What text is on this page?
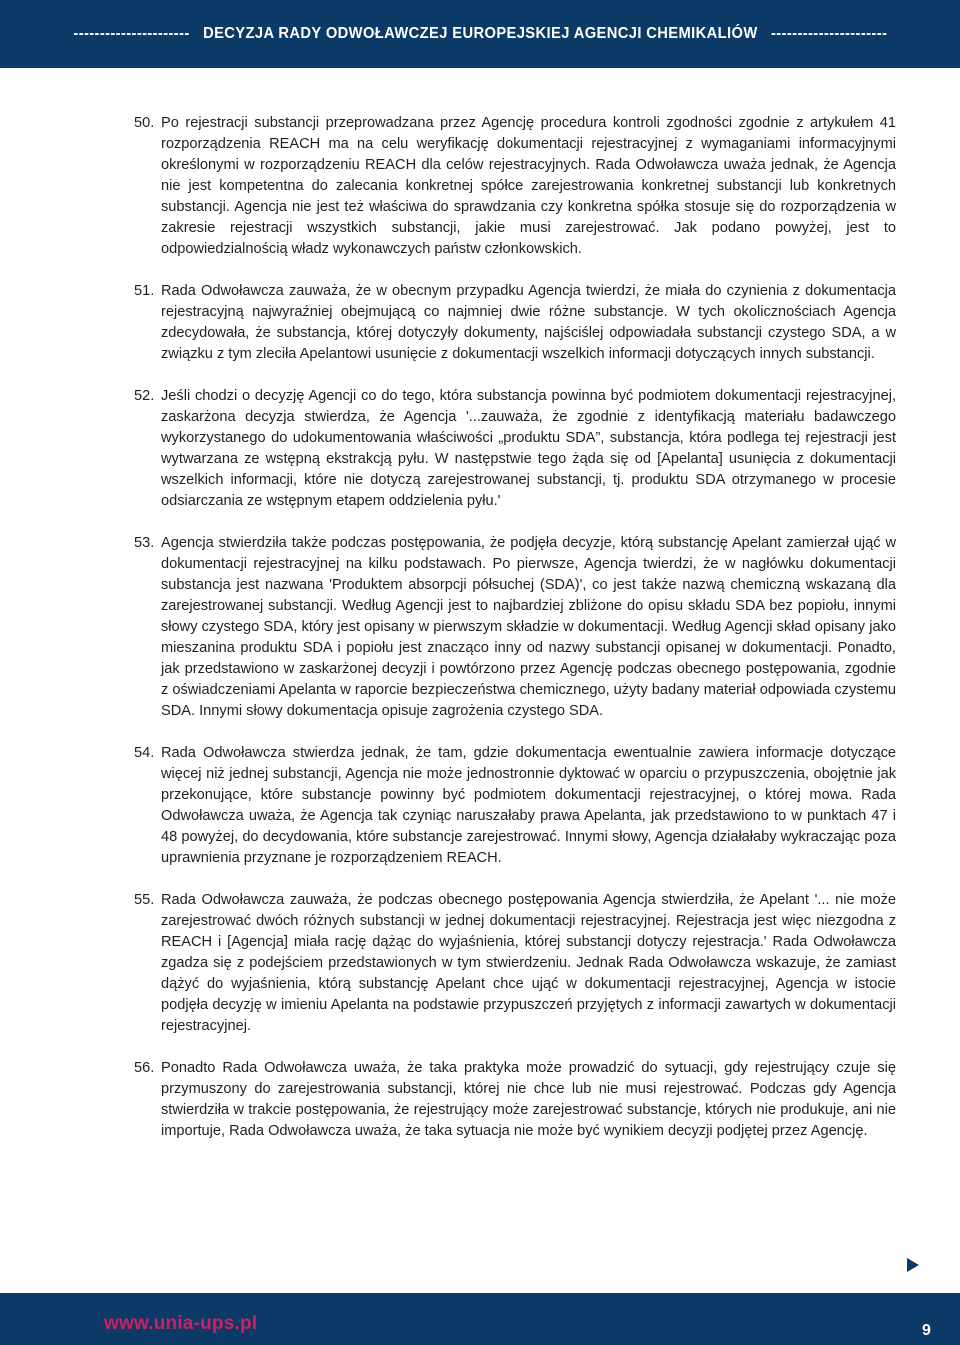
----------------------   DECYZJA RADY ODWOŁAWCZEJ EUROPEJSKIEJ AGENCJI CHEMIKALIÓW   ----------------------
50. Po rejestracji substancji przeprowadzana przez Agencję procedura kontroli zgodności zgodnie z artykułem 41 rozporządzenia REACH ma na celu weryfikację dokumentacji rejestracyjnej z wymaganiami informacyjnymi określonymi w rozporządzeniu REACH dla celów rejestracyjnych. Rada Odwoławcza uważa jednak, że Agencja nie jest kompetentna do zalecania konkretnej spółce zarejestrowania konkretnej substancji lub konkretnych substancji. Agencja nie jest też właściwa do sprawdzania czy konkretna spółka stosuje się do rozporządzenia w zakresie rejestracji wszystkich substancji, jakie musi zarejestrować. Jak podano powyżej, jest to odpowiedzialnością władz wykonawczych państw członkowskich.
51. Rada Odwoławcza zauważa, że w obecnym przypadku Agencja twierdzi, że miała do czynienia z dokumentacja rejestracyjną najwyraźniej obejmującą co najmniej dwie różne substancje. W tych okolicznościach Agencja zdecydowała, że substancja, której dotyczyły dokumenty, najściślej odpowiadała substancji czystego SDA, a w związku z tym zleciła Apelantowi usunięcie z dokumentacji wszelkich informacji dotyczących innych substancji.
52. Jeśli chodzi o decyzję Agencji co do tego, która substancja powinna być podmiotem dokumentacji rejestracyjnej, zaskarżona decyzja stwierdza, że Agencja '...zauważa, że zgodnie z identyfikacją materiału badawczego wykorzystanego do udokumentowania właściwości „produktu SDA”, substancja, która podlega tej rejestracji jest wytwarzana ze wstępną ekstrakcją pyłu. W następstwie tego żąda się od [Apelanta] usunięcia z dokumentacji wszelkich informacji, które nie dotyczą zarejestrowanej substancji, tj. produktu SDA otrzymanego w procesie odsiarczania ze wstępnym etapem oddzielenia pyłu.'
53. Agencja stwierdziła także podczas postępowania, że podjęła decyzje, którą substancję Apelant zamierzał ująć w dokumentacji rejestracyjnej na kilku podstawach. Po pierwsze, Agencja twierdzi, że w nagłówku dokumentacji substancja jest nazwana 'Produktem absorpcji półsuchej (SDA)', co jest także nazwą chemiczną wskazaną dla zarejestrowanej substancji. Według Agencji jest to najbardziej zbliżone do opisu składu SDA bez popiołu, innymi słowy czystego SDA, który jest opisany w pierwszym składzie w dokumentacji. Według Agencji skład opisany jako mieszanina produktu SDA i popiołu jest znacząco inny od nazwy substancji opisanej w dokumentacji. Ponadto, jak przedstawiono w zaskarżonej decyzji i powtórzono przez Agencję podczas obecnego postępowania, zgodnie z oświadczeniami Apelanta w raporcie bezpieczeństwa chemicznego, użyty badany materiał odpowiada czystemu SDA. Innymi słowy dokumentacja opisuje zagrożenia czystego SDA.
54. Rada Odwoławcza stwierdza jednak, że tam, gdzie dokumentacja ewentualnie zawiera informacje dotyczące więcej niż jednej substancji, Agencja nie może jednostronnie dyktować w oparciu o przypuszczenia, obojętnie jak przekonujące, które substancje powinny być podmiotem dokumentacji rejestracyjnej, o której mowa. Rada Odwoławcza uważa, że Agencja tak czyniąc naruszałaby prawa Apelanta, jak przedstawiono to w punktach 47 i 48 powyżej, do decydowania, które substancje zarejestrować. Innymi słowy, Agencja działałaby wykraczając poza uprawnienia przyznane je rozporządzeniem REACH.
55. Rada Odwoławcza zauważa, że podczas obecnego postępowania Agencja stwierdziła, że Apelant '... nie może zarejestrować dwóch różnych substancji w jednej dokumentacji rejestracyjnej. Rejestracja jest więc niezgodna z REACH i [Agencja] miała rację dążąc do wyjaśnienia, której substancji dotyczy rejestracja.' Rada Odwoławcza zgadza się z podejściem przedstawionych w tym stwierdzeniu. Jednak Rada Odwoławcza wskazuje, że zamiast dążyć do wyjaśnienia, którą substancję Apelant chce ująć w dokumentacji rejestracyjnej, Agencja w istocie podjęła decyzję w imieniu Apelanta na podstawie przypuszczeń przyjętych z informacji zawartych w dokumentacji rejestracyjnej.
56. Ponadto Rada Odwoławcza uważa, że taka praktyka może prowadzić do sytuacji, gdy rejestrujący czuje się przymuszony do zarejestrowania substancji, której nie chce lub nie musi rejestrować. Podczas gdy Agencja stwierdziła w trakcie postępowania, że rejestrujący może zarejestrować substancje, których nie produkuje, ani nie importuje, Rada Odwoławcza uważa, że taka sytuacja nie może być wynikiem decyzji podjętej przez Agencję.
www.unia-ups.pl	9
